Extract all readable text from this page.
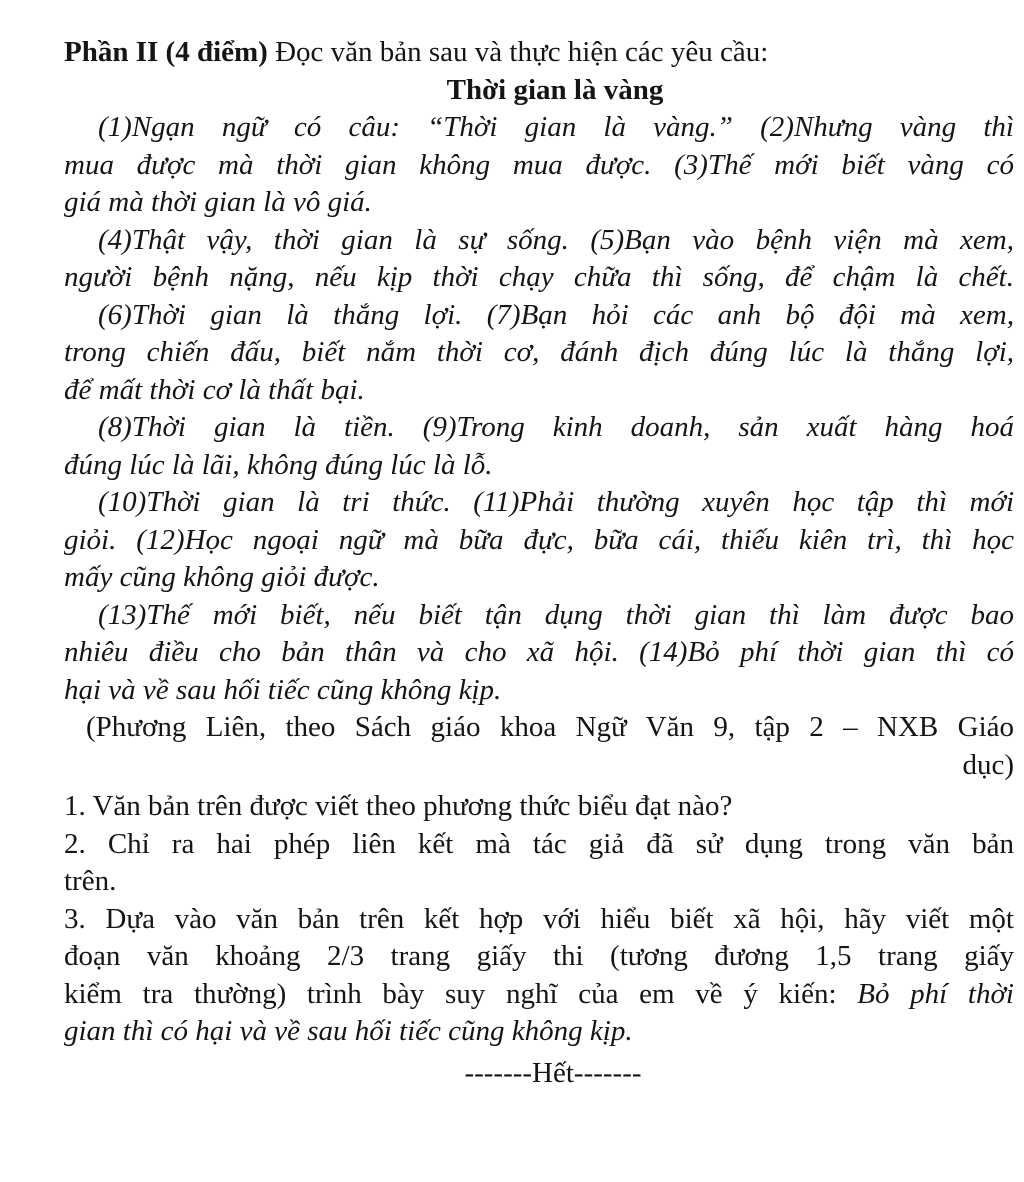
Phần II (4 điểm) Đọc văn bản sau và thực hiện các yêu cầu:
Thời gian là vàng
(1)Ngạn ngữ có câu: “Thời gian là vàng.” (2)Nhưng vàng thì
mua được mà thời gian không mua được. (3)Thế mới biết vàng có
giá mà thời gian là vô giá.
(4)Thật vậy, thời gian là sự sống. (5)Bạn vào bệnh viện mà xem,
người bệnh nặng, nếu kịp thời chạy chữa thì sống, để chậm là chết.
(6)Thời gian là thắng lợi. (7)Bạn hỏi các anh bộ đội mà xem,
trong chiến đấu, biết nắm thời cơ, đánh địch đúng lúc là thắng lợi,
để mất thời cơ là thất bại.
(8)Thời gian là tiền. (9)Trong kinh doanh, sản xuất hàng hoá
đúng lúc là lãi, không đúng lúc là lỗ.
(10)Thời gian là tri thức. (11)Phải thường xuyên học tập thì mới
giỏi. (12)Học ngoại ngữ mà bữa đực, bữa cái, thiếu kiên trì, thì học
mấy cũng không giỏi được.
(13)Thế mới biết, nếu biết tận dụng thời gian thì làm được bao
nhiêu điều cho bản thân và cho xã hội. (14)Bỏ phí thời gian thì có
hại và về sau hối tiếc cũng không kịp.
(Phương Liên, theo Sách giáo khoa Ngữ Văn 9, tập 2 – NXB Giáo
dục)
1. Văn bản trên được viết theo phương thức biểu đạt nào?
2. Chỉ ra hai phép liên kết mà tác giả đã sử dụng trong văn bản
trên.
3. Dựa vào văn bản trên kết hợp với hiểu biết xã hội, hãy viết một
đoạn văn khoảng 2/3 trang giấy thi (tương đương 1,5 trang giấy
kiểm tra thường) trình bày suy nghĩ của em về ý kiến: Bỏ phí thời
gian thì có hại và về sau hối tiếc cũng không kịp.
-------Hết-------
